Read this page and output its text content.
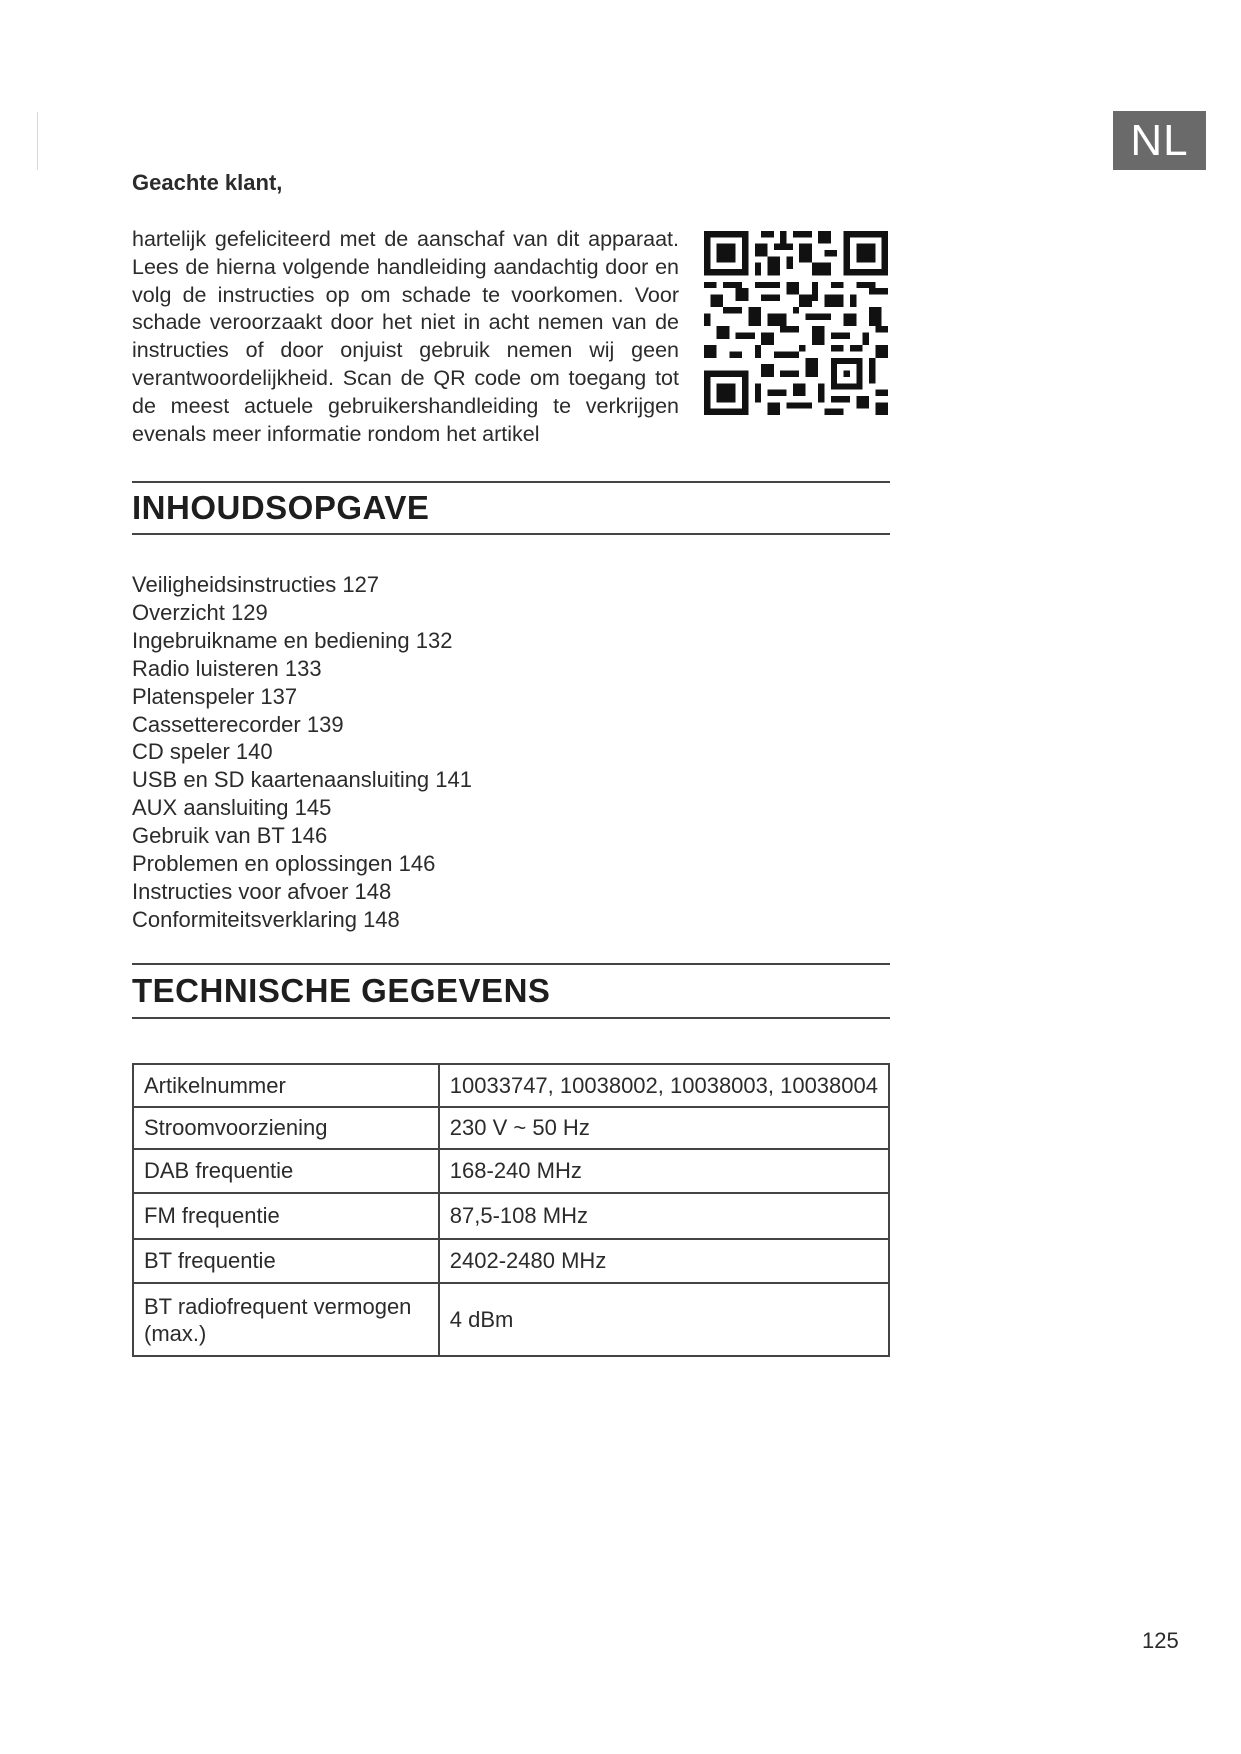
NL
Geachte klant,
hartelijk gefeliciteerd met de aanschaf van dit apparaat. Lees de hierna volgende handleiding aandachtig door en volg de instructies op om schade te voorkomen. Voor schade veroorzaakt door het niet in acht nemen van de instructies of door onjuist gebruik nemen wij geen verantwoordelijkheid. Scan de QR code om toegang tot de meest actuele gebruikershandleiding te verkrijgen evenals meer informatie rondom het artikel
INHOUDSOPGAVE
Veiligheidsinstructies 127
Overzicht 129
Ingebruikname en bediening 132
Radio luisteren 133
Platenspeler 137
Cassetterecorder 139
CD speler 140
USB en SD kaartenaansluiting 141
AUX aansluiting 145
Gebruik van BT 146
Problemen en oplossingen 146
Instructies voor afvoer 148
Conformiteitsverklaring 148
TECHNISCHE GEGEVENS
Artikelnummer	10033747, 10038002, 10038003, 10038004
Stroomvoorziening	230 V ~ 50 Hz
DAB frequentie	168-240 MHz
FM frequentie	87,5-108 MHz
BT frequentie	2402-2480 MHz
BT radiofrequent vermogen (max.)	4 dBm
125
